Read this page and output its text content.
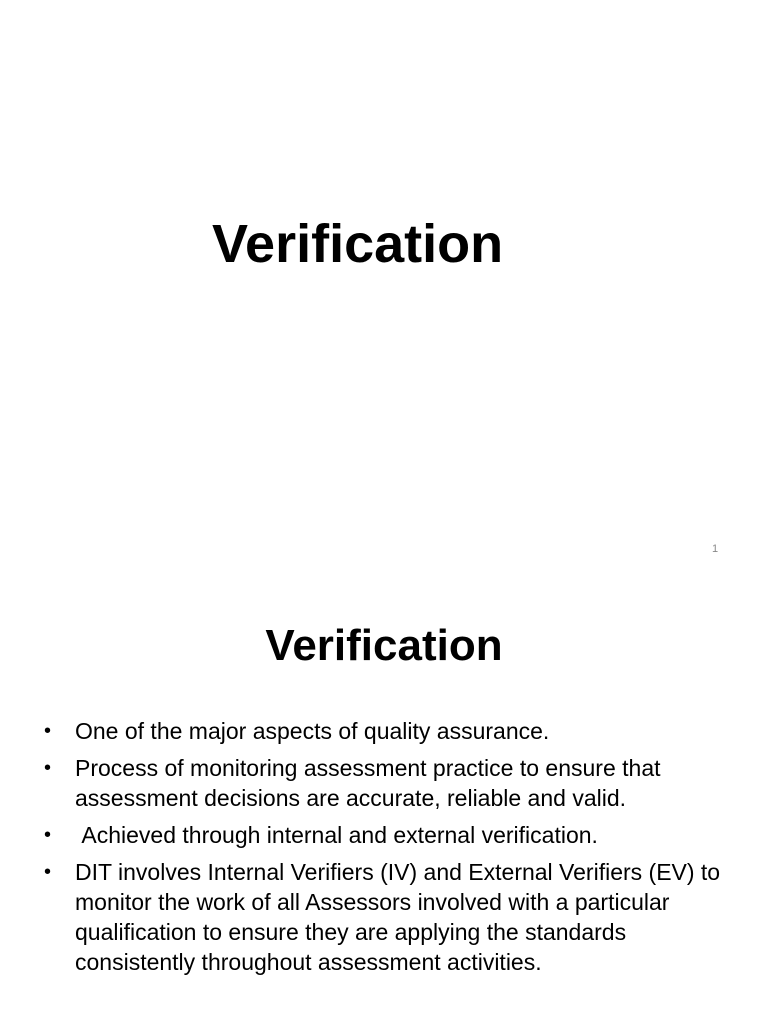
Verification
1
Verification
• One of the major aspects of quality assurance.
• Process of monitoring assessment practice to ensure that assessment decisions are accurate, reliable and valid.
• Achieved through internal and external verification.
• DIT involves Internal Verifiers (IV) and External Verifiers (EV) to monitor the work of all Assessors involved with a particular qualification to ensure they are applying the standards consistently throughout assessment activities.
